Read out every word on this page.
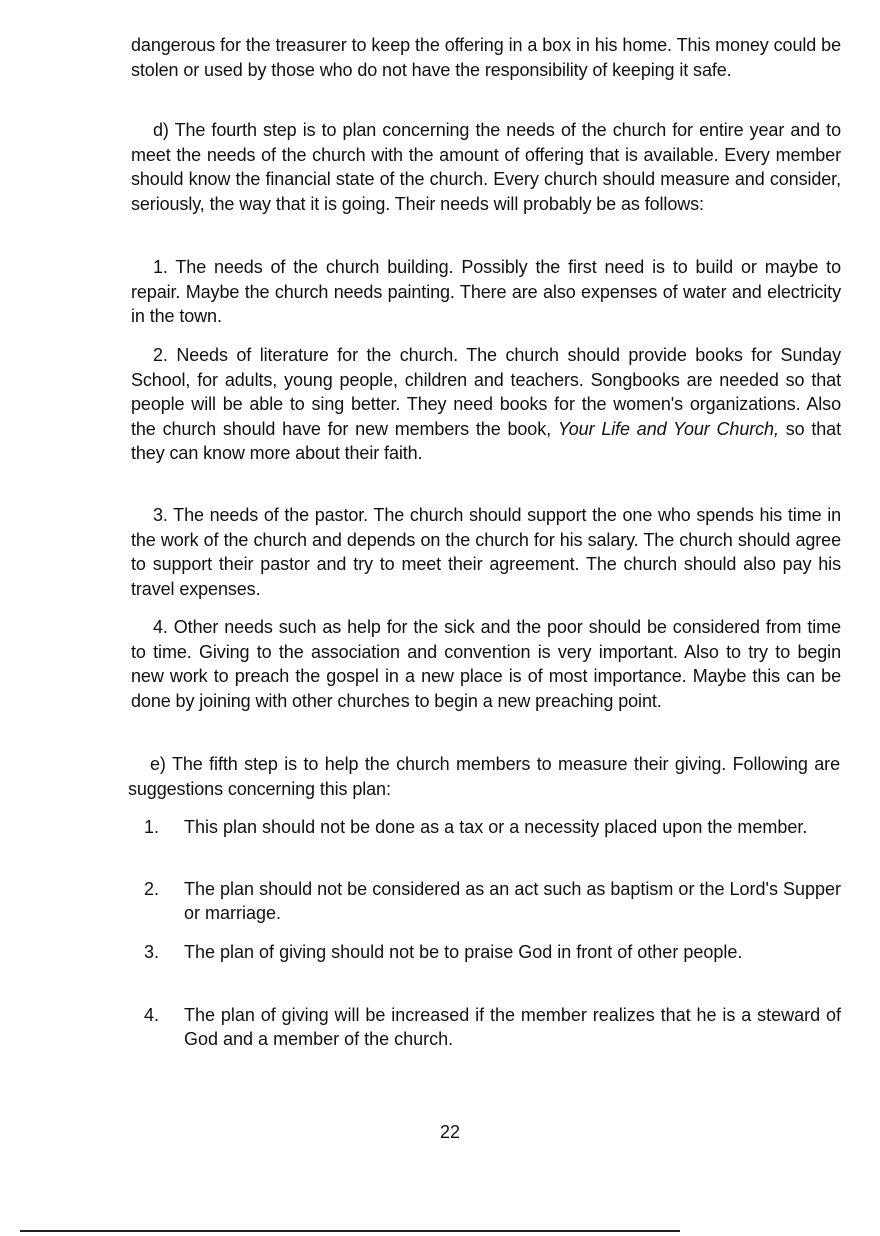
dangerous for the treasurer to keep the offering in a box in his home. This money could be stolen or used by those who do not have the responsibility of keeping it safe.
d) The fourth step is to plan concerning the needs of the church for entire year and to meet the needs of the church with the amount of offering that is available. Every member should know the financial state of the church. Every church should measure and consider, seriously, the way that it is going. Their needs will probably be as follows:
1. The needs of the church building. Possibly the first need is to build or maybe to repair. Maybe the church needs painting. There are also expenses of water and electricity in the town.
2. Needs of literature for the church. The church should provide books for Sunday School, for adults, young people, children and teachers. Songbooks are needed so that people will be able to sing better. They need books for the women's organizations. Also the church should have for new members the book, Your Life and Your Church, so that they can know more about their faith.
3. The needs of the pastor. The church should support the one who spends his time in the work of the church and depends on the church for his salary. The church should agree to support their pastor and try to meet their agreement. The church should also pay his travel expenses.
4. Other needs such as help for the sick and the poor should be considered from time to time. Giving to the association and convention is very important. Also to try to begin new work to preach the gospel in a new place is of most importance. Maybe this can be done by joining with other churches to begin a new preaching point.
e) The fifth step is to help the church members to measure their giving. Following are suggestions concerning this plan:
1. This plan should not be done as a tax or a necessity placed upon the member.
2. The plan should not be considered as an act such as baptism or the Lord's Supper or marriage.
3. The plan of giving should not be to praise God in front of other people.
4. The plan of giving will be increased if the member realizes that he is a steward of God and a member of the church.
22
